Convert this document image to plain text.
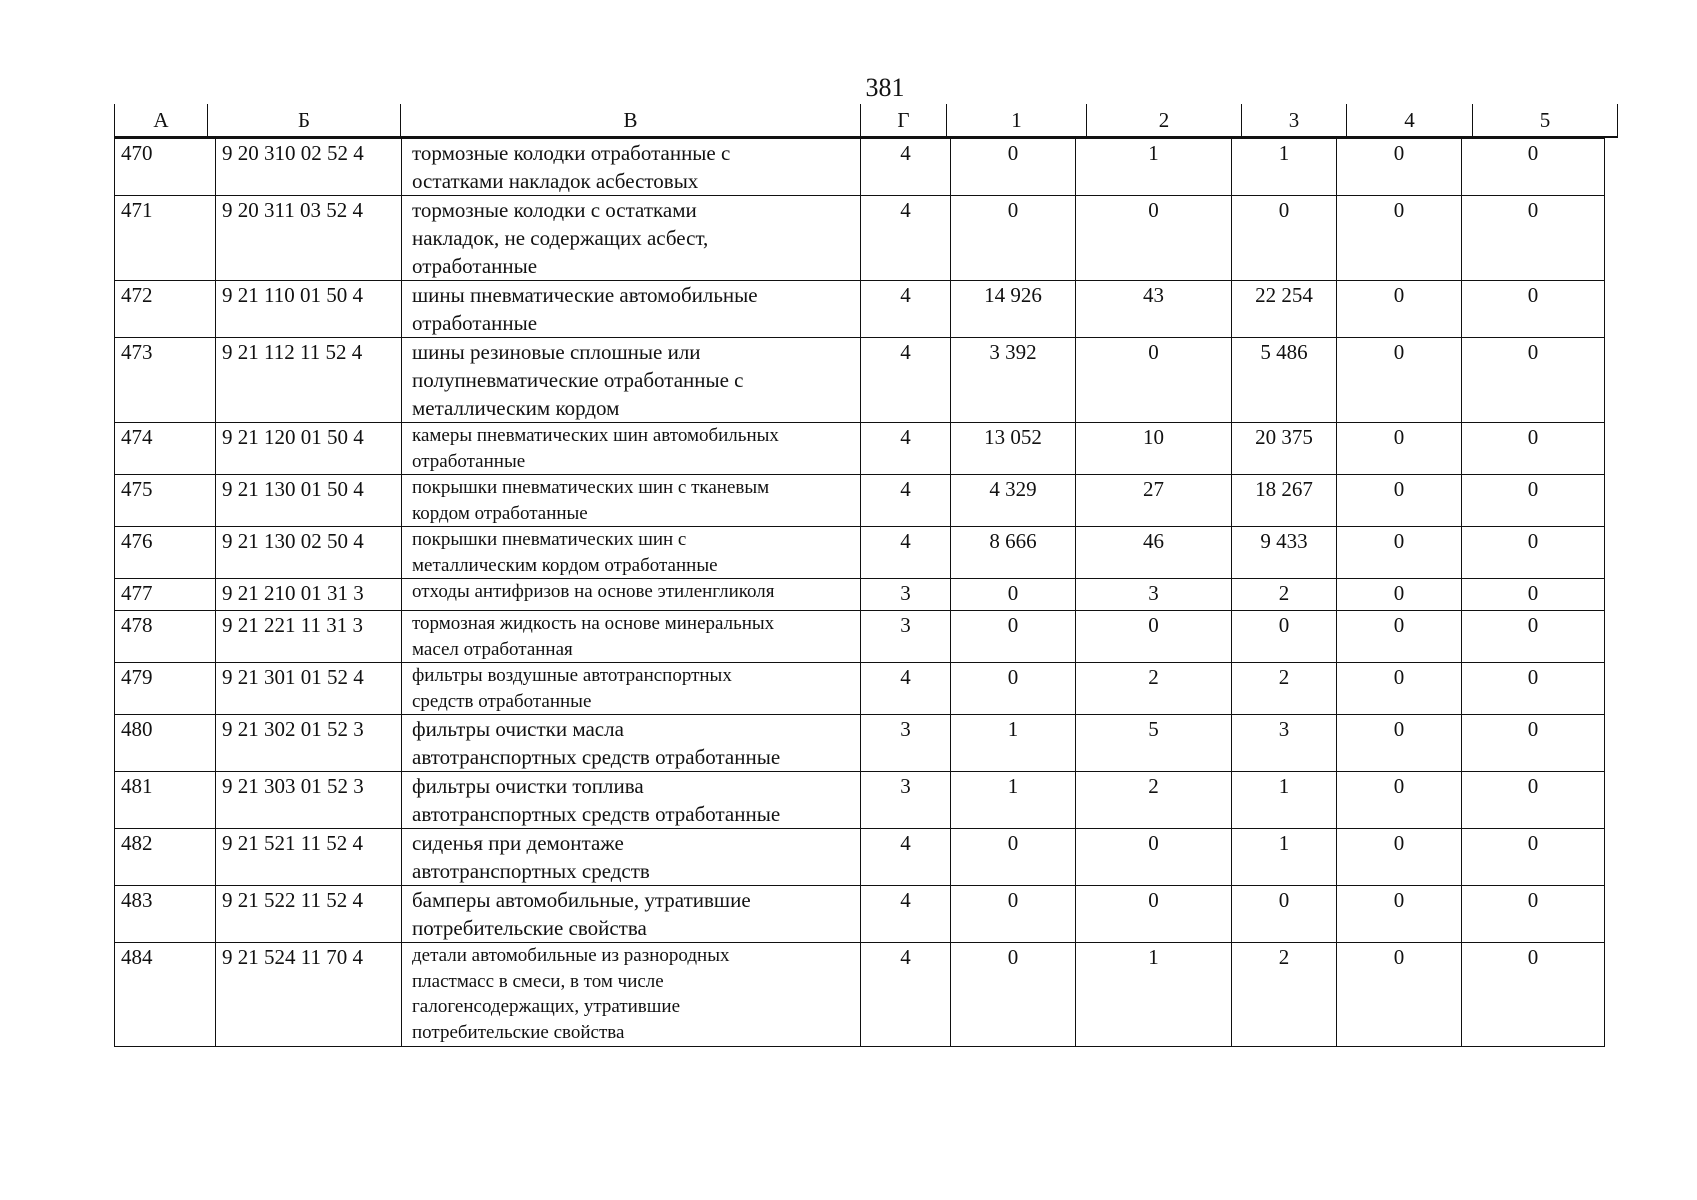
381
А	Б	В	Г	1	2	3	4	5
470	9 20 310 02 52 4	тормозные колодки отработанные с
остатками накладок асбестовых	4	0	1	1	0	0
471	9 20 311 03 52 4	тормозные колодки с остатками
накладок, не содержащих асбест,
отработанные	4	0	0	0	0	0
472	9 21 110 01 50 4	шины пневматические автомобильные
отработанные	4	14 926	43	22 254	0	0
473	9 21 112 11 52 4	шины резиновые сплошные или
полупневматические отработанные с
металлическим кордом	4	3 392	0	5 486	0	0
474	9 21 120 01 50 4	камеры пневматических шин автомобильных
отработанные	4	13 052	10	20 375	0	0
475	9 21 130 01 50 4	покрышки пневматических шин с тканевым
кордом отработанные	4	4 329	27	18 267	0	0
476	9 21 130 02 50 4	покрышки пневматических шин с
металлическим кордом отработанные	4	8 666	46	9 433	0	0
477	9 21 210 01 31 3	отходы антифризов на основе этиленгликоля	3	0	3	2	0	0
478	9 21 221 11 31 3	тормозная жидкость на основе минеральных
масел отработанная	3	0	0	0	0	0
479	9 21 301 01 52 4	фильтры воздушные автотранспортных
средств отработанные	4	0	2	2	0	0
480	9 21 302 01 52 3	фильтры очистки масла
автотранспортных средств отработанные	3	1	5	3	0	0
481	9 21 303 01 52 3	фильтры очистки топлива
автотранспортных средств отработанные	3	1	2	1	0	0
482	9 21 521 11 52 4	сиденья при демонтаже
автотранспортных средств	4	0	0	1	0	0
483	9 21 522 11 52 4	бамперы автомобильные, утратившие
потребительские свойства	4	0	0	0	0	0
484	9 21 524 11 70 4	детали автомобильные из разнородных
пластмасс в смеси, в том числе
галогенсодержащих, утратившие
потребительские свойства	4	0	1	2	0	0
